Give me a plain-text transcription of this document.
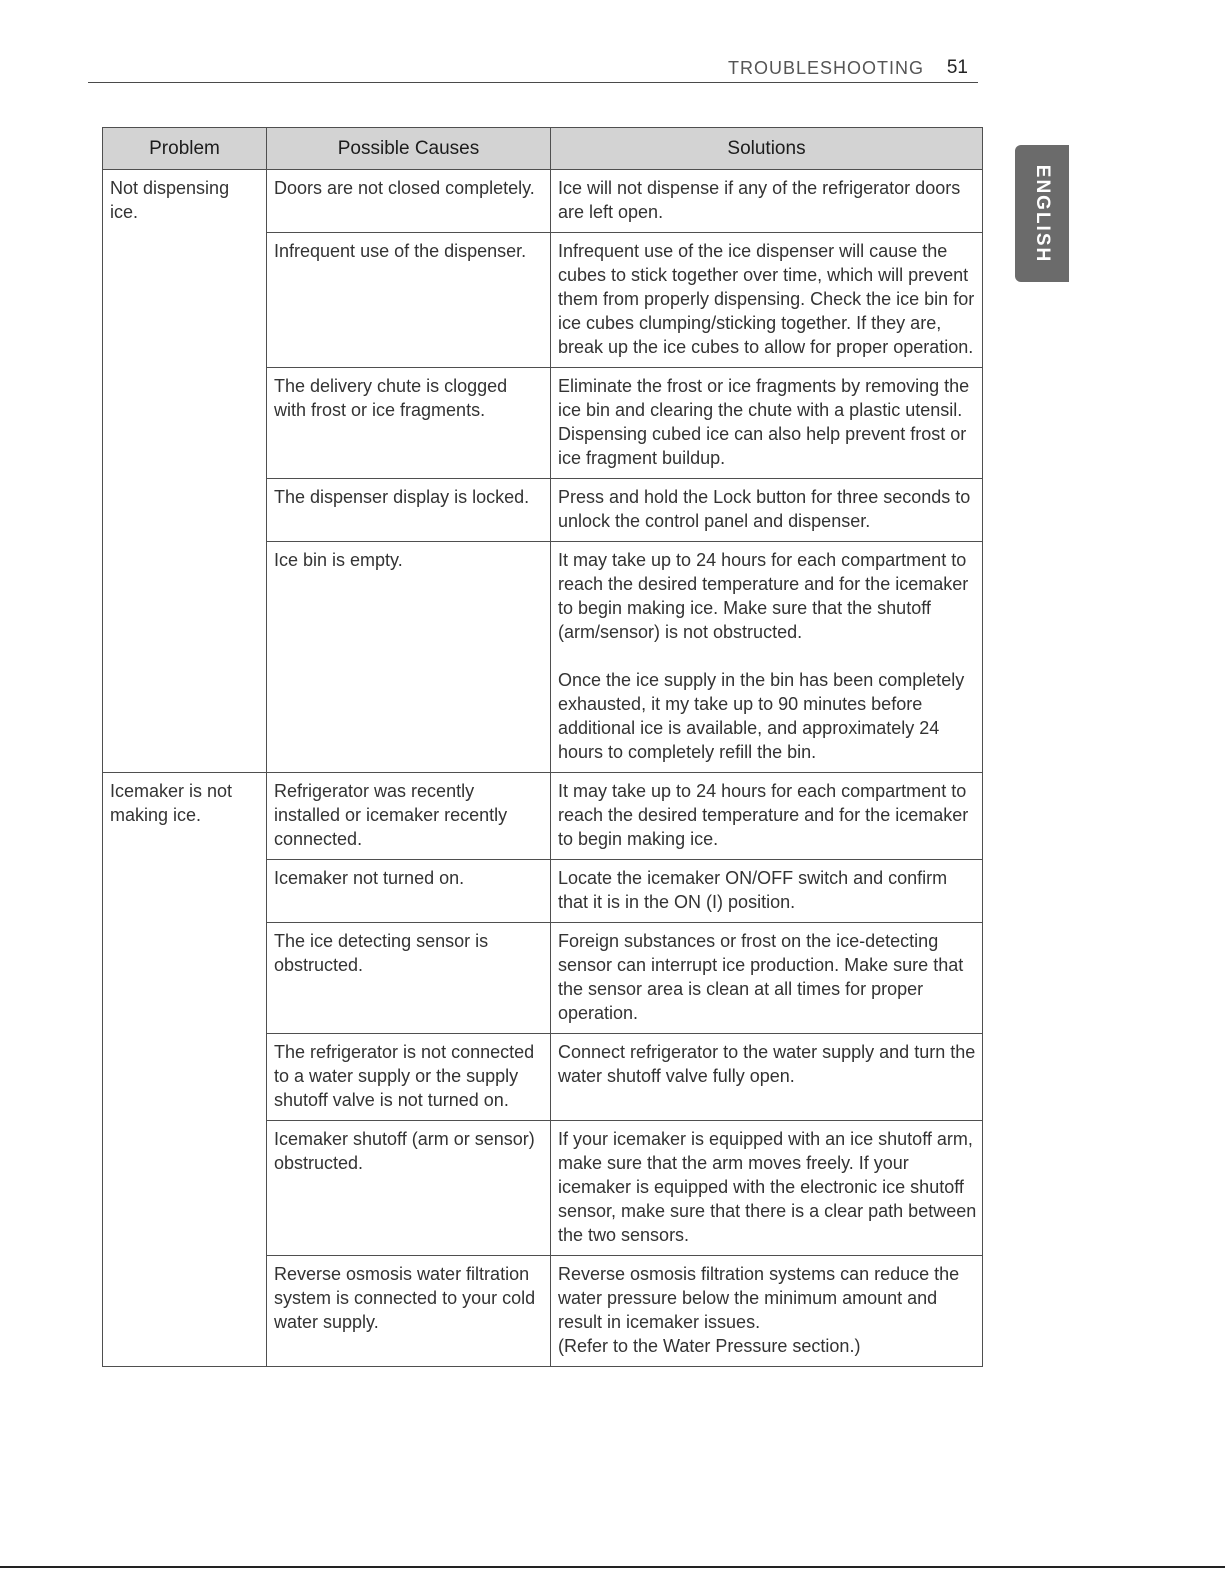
TROUBLESHOOTING 51
ENGLISH
Problem	Possible Causes	Solutions
Not dispensing ice.	Doors are not closed completely.	Ice will not dispense if any of the refrigerator doors are left open.

	Infrequent use of the dispenser.	Infrequent use of the ice dispenser will cause the cubes to stick together over time, which will prevent them from properly dispensing. Check the ice bin for ice cubes clumping/sticking together. If they are, break up the ice cubes to allow for proper operation.

	The delivery chute is clogged with frost or ice fragments.	Eliminate the frost or ice fragments by removing the ice bin and clearing the chute with a plastic utensil. Dispensing cubed ice can also help prevent frost or ice fragment buildup.

	The dispenser display is locked.	Press and hold the Lock button for three seconds to unlock the control panel and dispenser.

	Ice bin is empty.	It may take up to 24 hours for each compartment to reach the desired temperature and for the icemaker to begin making ice. Make sure that the shutoff (arm/sensor) is not obstructed.

Once the ice supply in the bin has been completely exhausted, it my take up to 90 minutes before additional ice is available, and approximately 24 hours to completely refill the bin.

Icemaker is not making ice.	Refrigerator was recently installed or icemaker recently connected.	It may take up to 24 hours for each compartment to reach the desired temperature and for the icemaker to begin making ice.

	Icemaker not turned on.	Locate the icemaker ON/OFF switch and confirm that it is in the ON (I) position.

	The ice detecting sensor is obstructed.	Foreign substances or frost on the ice-detecting sensor can interrupt ice production. Make sure that the sensor area is clean at all times for proper operation.

	The refrigerator is not connected to a water supply or the supply shutoff valve is not turned on.	Connect refrigerator to the water supply and turn the water shutoff valve fully open.

	Icemaker shutoff (arm or sensor) obstructed.	If your icemaker is equipped with an ice shutoff arm, make sure that the arm moves freely. If your icemaker is equipped with the electronic ice shutoff sensor, make sure that there is a clear path between the two sensors.

	Reverse osmosis water filtration system is connected to your cold water supply.	Reverse osmosis filtration systems can reduce the water pressure below the minimum amount and result in icemaker issues.

(Refer to the Water Pressure section.)
